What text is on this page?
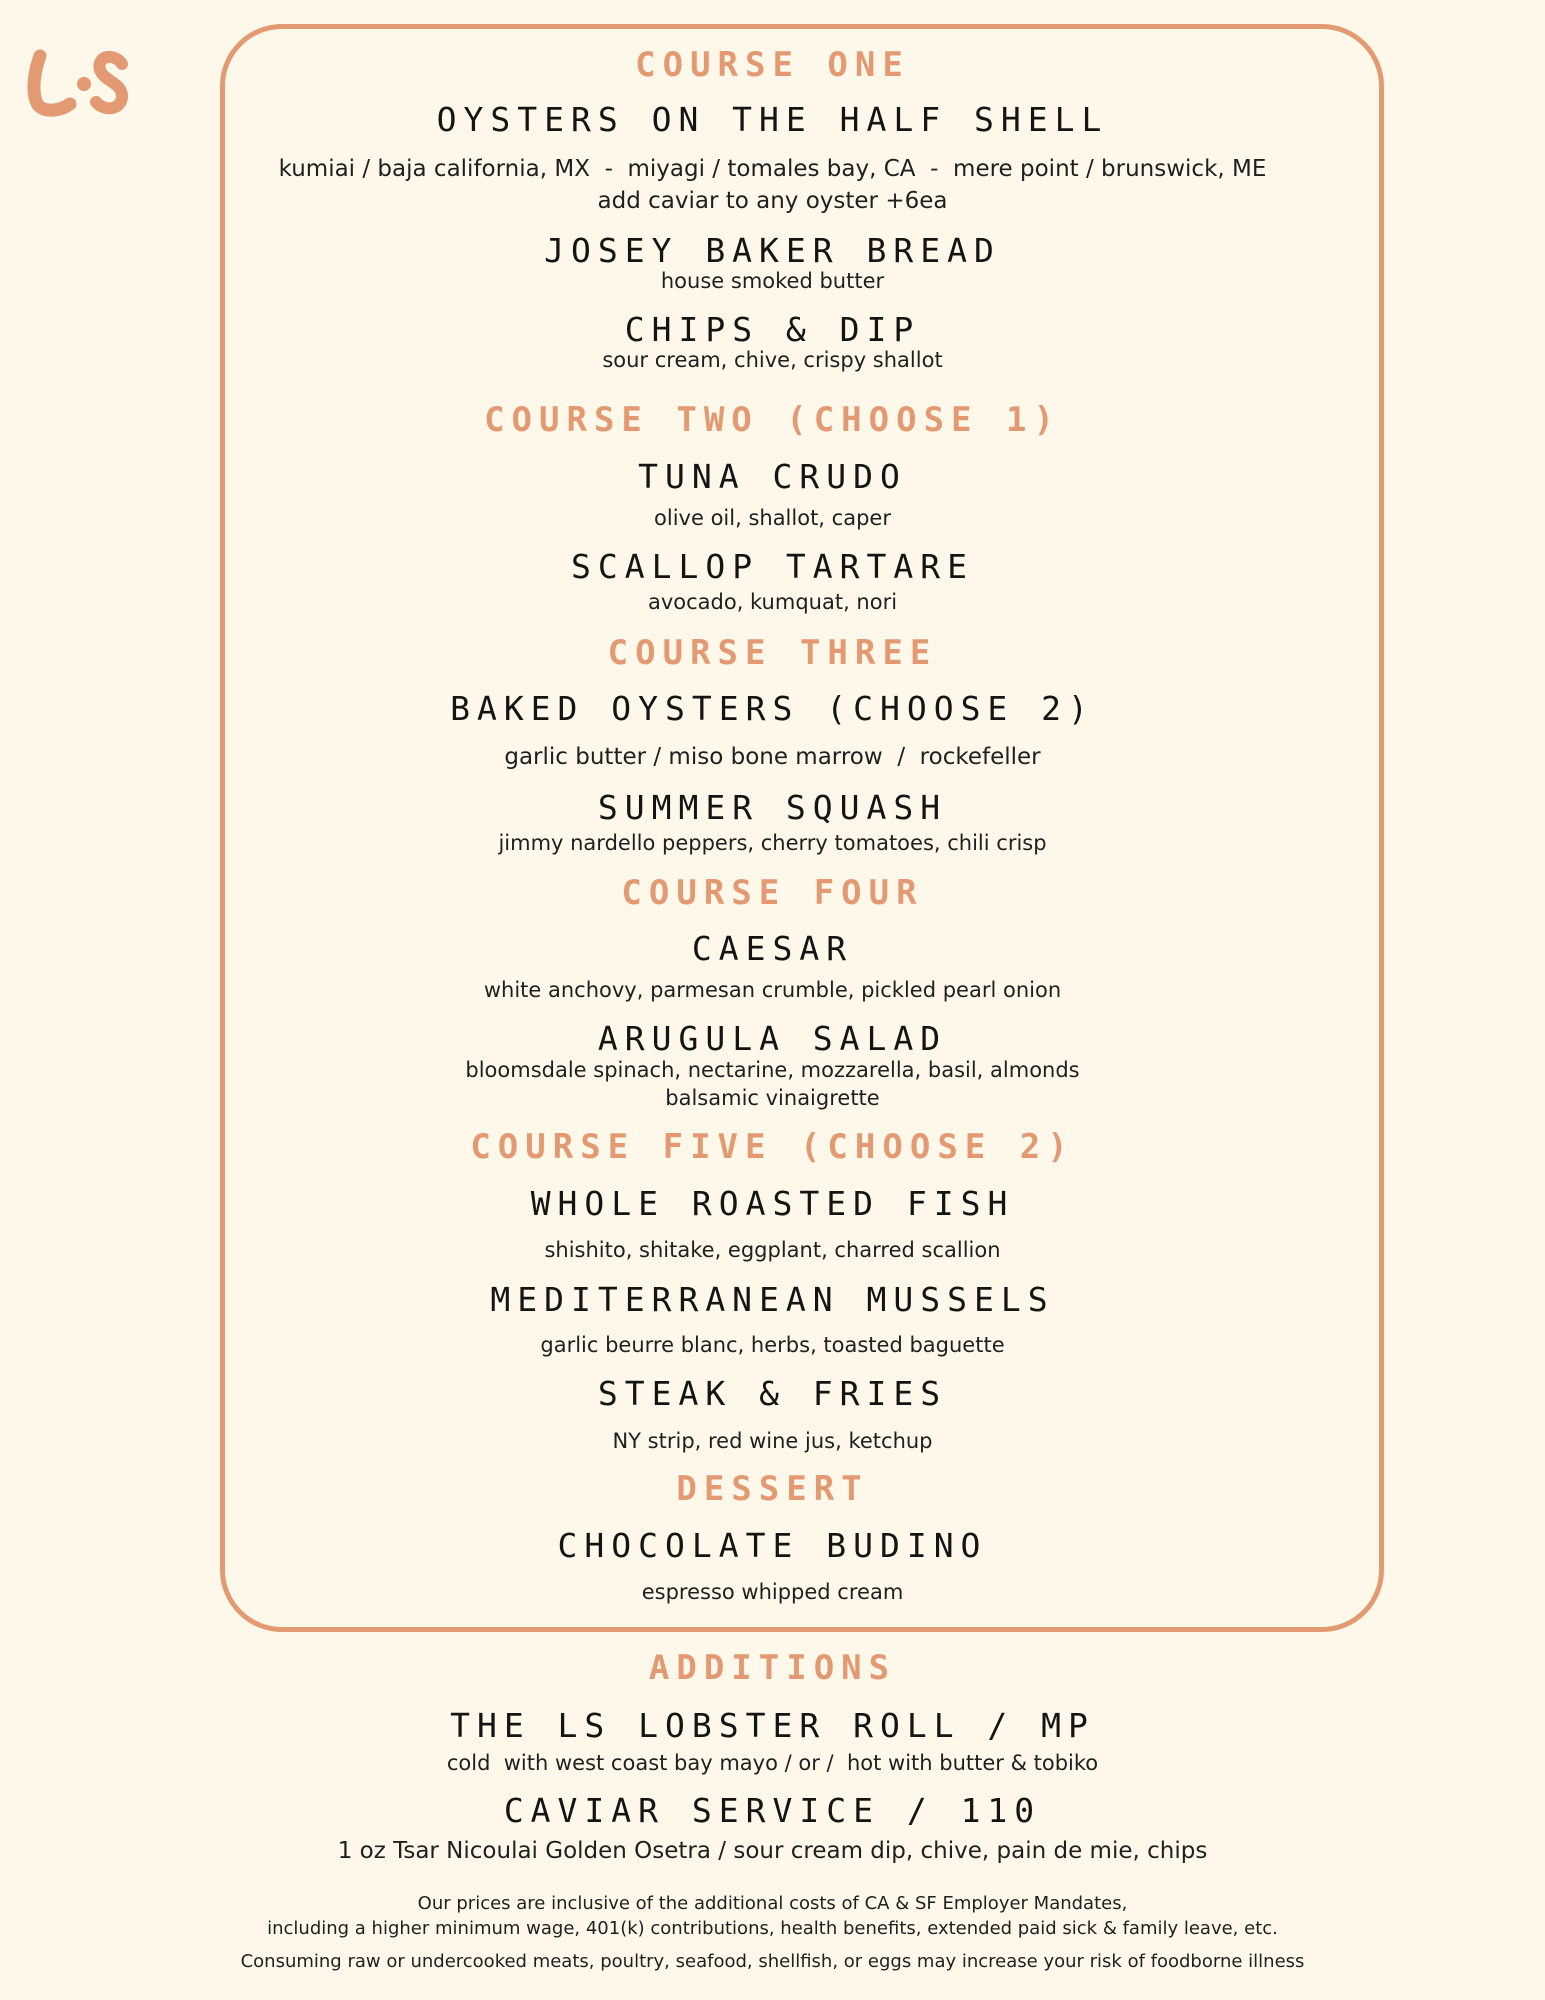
COURSE ONE
OYSTERS ON THE HALF SHELL
kumiai / baja california, MX  -  miyagi / tomales bay, CA  -  mere point / brunswick, ME
add caviar to any oyster +6ea
JOSEY BAKER BREAD
house smoked butter
CHIPS & DIP
sour cream, chive, crispy shallot
COURSE TWO (CHOOSE 1)
TUNA CRUDO
olive oil, shallot, caper
SCALLOP TARTARE
avocado, kumquat, nori
COURSE THREE
BAKED OYSTERS (CHOOSE 2)
garlic butter / miso bone marrow  /  rockefeller
SUMMER SQUASH
jimmy nardello peppers, cherry tomatoes, chili crisp
COURSE FOUR
CAESAR
white anchovy, parmesan crumble, pickled pearl onion
ARUGULA SALAD
bloomsdale spinach, nectarine, mozzarella, basil, almonds
balsamic vinaigrette
COURSE FIVE (CHOOSE 2)
WHOLE ROASTED FISH
shishito, shitake, eggplant, charred scallion
MEDITERRANEAN MUSSELS
garlic beurre blanc, herbs, toasted baguette
STEAK & FRIES
NY strip, red wine jus, ketchup
DESSERT
CHOCOLATE BUDINO
espresso whipped cream
ADDITIONS
THE LS LOBSTER ROLL / MP
cold  with west coast bay mayo / or /  hot with butter & tobiko
CAVIAR SERVICE / 110
1 oz Tsar Nicoulai Golden Osetra / sour cream dip, chive, pain de mie, chips
Our prices are inclusive of the additional costs of CA & SF Employer Mandates,
including a higher minimum wage, 401(k) contributions, health benefits, extended paid sick & family leave, etc.
Consuming raw or undercooked meats, poultry, seafood, shellfish, or eggs may increase your risk of foodborne illness
